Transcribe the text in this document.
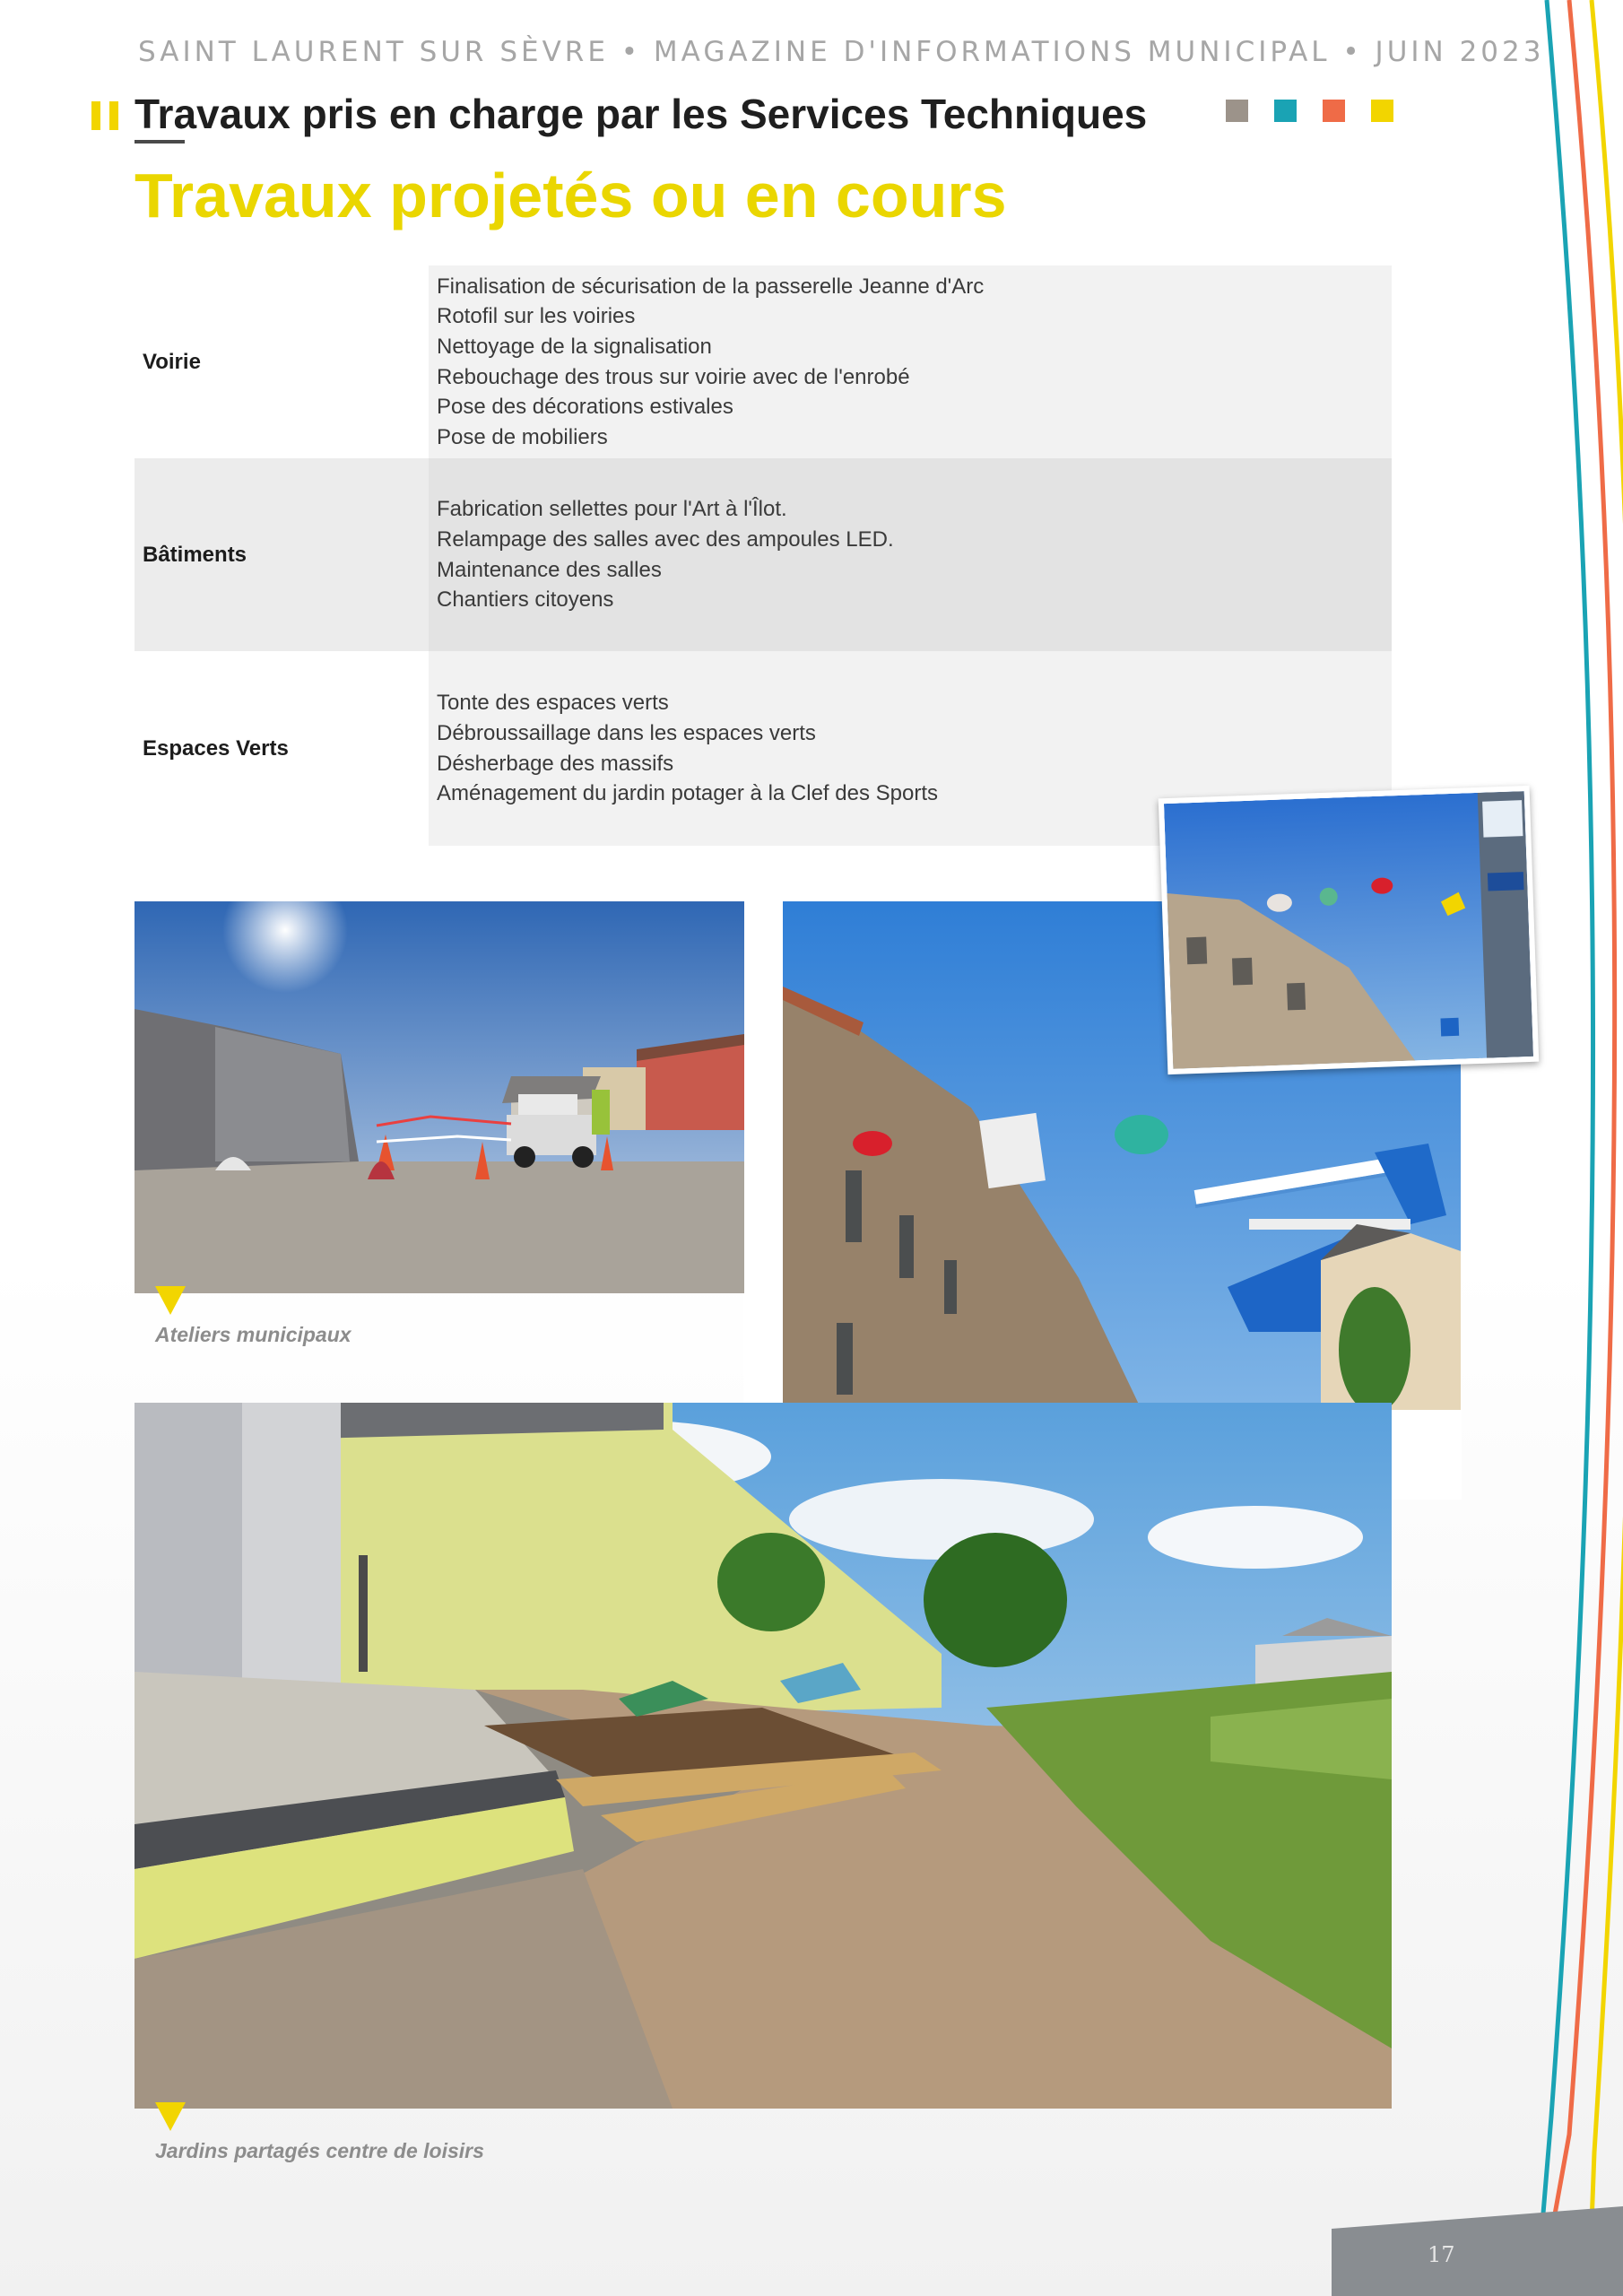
SAINT LAURENT SUR SÈVRE • MAGAZINE D'INFORMATIONS MUNICIPAL • JUIN 2023
Travaux pris en charge par les Services Techniques
Travaux projetés ou en cours
Voirie
Finalisation de sécurisation de la passerelle Jeanne d'Arc
Rotofil sur les voiries
Nettoyage de la signalisation
Rebouchage des trous sur voirie avec de l'enrobé
Pose des décorations estivales
Pose de mobiliers
Bâtiments
Fabrication sellettes pour l'Art à l'Îlot.
Relampage des salles avec des ampoules LED.
Maintenance des salles
Chantiers citoyens
Espaces Verts
Tonte des espaces verts
Débroussaillage dans les espaces verts
Désherbage des massifs
Aménagement du jardin potager à la Clef des Sports
Ateliers municipaux
Jardins partagés centre de loisirs
17
